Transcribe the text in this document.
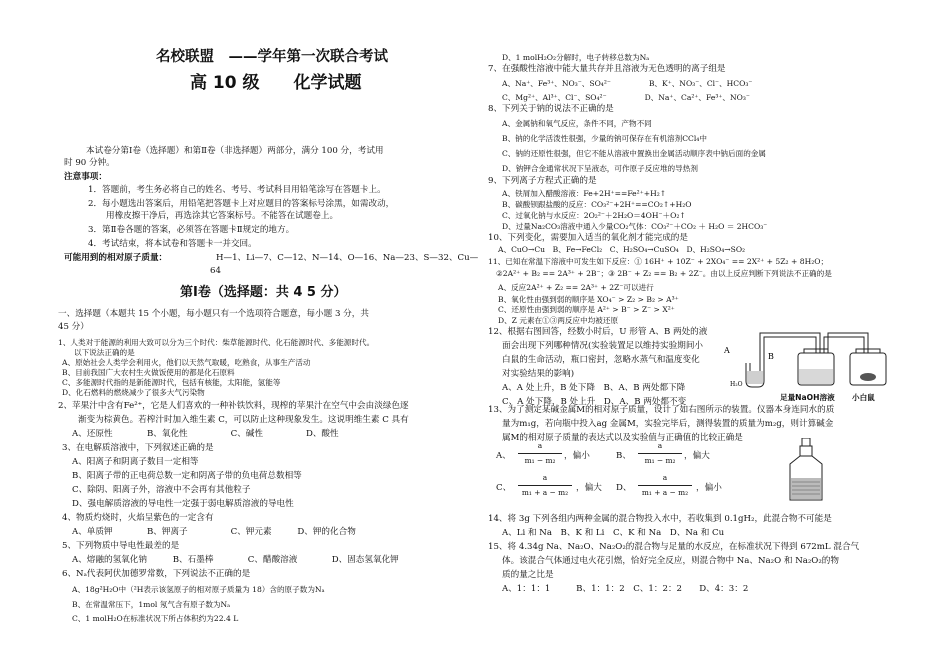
名校联盟　——学年第一次联合考试
高 10 级　　化学试题
本试卷分第Ⅰ卷（选择题）和第Ⅱ卷（非选择题）两部分，满分 100 分，考试用
时 90 分钟。
注意事项：
1．答题前，考生务必将自己的姓名、考号、考试科目用铅笔涂写在答题卡上。
2．每小题选出答案后，用铅笔把答题卡上对应题目的答案标号涂黑，如需改动，
用橡皮擦干净后，再选涂其它答案标号。不能答在试题卷上。
3．第Ⅱ卷各题的答案，必须答在答题卡Ⅱ规定的地方。
4．考试结束，将本试卷和答题卡一并交回。
可能用到的相对原子质量：	H—1、Li—7、C—12、N—14、O—16、Na—23、S—32、Cu—
64
第Ⅰ卷（选择题：共 4 5 分）
一、选择题（本题共 15 个小题，每小题只有一个选项符合题意，每小题 3 分，共
45 分）
1、人类对于能源的利用大致可以分为三个时代：柴草能源时代、化石能源时代、多能源时代。
以下说法正确的是
A、原始社会人类学会利用火，他们以天然气取暖，吃熟食，从事生产活动
B、目前我国广大农村生火做饭使用的都是化石原料
C、多能源时代指的是新能源时代，包括有核能，太阳能，氢能等
D、化石燃料的燃烧减少了很多大气污染物
2、苹果汁中含有Fe²⁺，它是人们喜欢的一种补铁饮料，现榨的苹果汁在空气中会由淡绿色逐
渐变为棕黄色。若榨汁时加入维生素 C，可以防止这种现象发生。这说明维生素 C 具有
A、还原性　　　　B、氧化性　　　　　C、碱性　　　　　D、酸性
3、在电解质溶液中，下列叙述正确的是
A、阳离子和阴离子数目一定相等
B、阳离子带的正电荷总数一定和阴离子带的负电荷总数相等
C、除阴、阳离子外，溶液中不会再有其他粒子
D、强电解质溶液的导电性一定强于弱电解质溶液的导电性
4、物质灼烧时，火焰呈紫色的一定含有
A、单质钾　　　　B、钾离子　　　　　C、钾元素　　　D、钾的化合物
5、下列物质中导电性最差的是
A、熔融的氢氧化钠　　　B、石墨棒　　　　C、醋酸溶液　　　　D、固态氢氧化钾
6、Nₐ代表阿伏加德罗常数，下列说法不正确的是
A、18g²H₂O中（²H表示该氢原子的相对原子质量为 18）含的原子数为Nₐ
B、在常温常压下，1mol 氖气含有原子数为Nₐ
C、1 molH₂O在标准状况下所占体积约为22.4 L
D、1 molH₂O₂分解时，电子转移总数为Nₐ
7、在强酸性溶液中能大量共存并且溶液为无色透明的离子组是
A、Na⁺、Fe³⁺、NO₃⁻、SO₄²⁻　　　　　B、K⁺、NO₃⁻、Cl⁻、HCO₃⁻
C、Mg²⁺、Al³⁺、Cl⁻、SO₄²⁻　　　　　D、Na⁺、Ca²⁺、Fe³⁺、NO₃⁻
8、下列关于钠的说法不正确的是
A、金属钠和氧气反应，条件不同，产物不同
B、钠的化学活泼性很强，少量的钠可保存在有机溶剂CCl₄中
C、钠的还原性很强，但它不能从溶液中置换出金属活动顺序表中钠后面的金属
D、钠钾合金通常状况下呈液态，可作原子反应堆的导热剂
9、下列离子方程式正确的是
A、铁屑加入醋酸溶液：Fe+2H⁺==Fe²⁺+H₂↑
B、碳酸钡跟盐酸的反应：CO₃²⁻+2H⁺==CO₂↑+H₂O
C、过氧化钠与水反应：2O₂²⁻＋2H₂O＝4OH⁻＋O₂↑
D、过量Na₂CO₃溶液中通入少量CO₂气体：CO₃²⁻＋CO₂ ＋ H₂O ＝ 2HCO₃⁻
10、下列变化，需要加入适当的氧化剂才能完成的是
A、CuO→Cu　B、Fe→FeCl₂　C、H₂SO₄→CuSO₄　D、H₂SO₄→SO₂
11、已知在常温下溶液中可发生如下反应：① 16H⁺ + 10Z⁻ + 2XO₄⁻ == 2X²⁺ + 5Z₂ + 8H₂O；
②2A²⁺ + B₂ == 2A³⁺ + 2B⁻；③ 2B⁻ + Z₂ == B₂ + 2Z⁻。由以上反应判断下列说法不正确的是
A、反应2A²⁺ + Z₂ == 2A³⁺ + 2Z⁻可以进行
B、氧化性由强到弱的顺序是 XO₄⁻ > Z₂ > B₂ > A³⁺
C、还原性由强到弱的顺序是 A²⁺ > B⁻ > Z⁻ > X²⁺
D、Z 元素在①③两反应中均被还原
12、根据右图回答，经数小时后，U 形管 A、B 两处的液
面会出现下列哪种情况(实验装置足以维持实验期间小
白鼠的生命活动，瓶口密封，忽略水蒸气和温度变化
对实验结果的影响)
A、A 处上升，B 处下降　B、A、B 两处都下降
C、A 处下降，B 处上升　D、A、B 两处都不变
A
B
H₂O
足量NaOH溶液 小白鼠
13、为了测定某碱金属M的相对原子质量，设计了如右图所示的装置。仪器本身连同水的质
量为m₁g，若向瓶中投入ag 金属M，实验完毕后，测得装置的质量为m₂g，则计算碱金
属M的相对原子质量的表达式以及实验值与正确值的比较正确是
A、
a
m₁ − m₂ ，偏小	B、
a
m₁ − m₂ ，偏大
C、
a
m₁ + a − m₂ ，偏大 D、
a
m₁ + a − m₂ ，偏小
14、将 3g 下列各组内两种金属的混合物投入水中，若收集到 0.1gH₂，此混合物不可能是
A、Li 和 Na　B、K 和 Li　C、K 和 Na　D、Na 和 Cu
15、将 4.34g Na、Na₂O、Na₂O₂的混合物与足量的水反应，在标准状况下得到 672mL 混合气
体。该混合气体通过电火花引燃，恰好完全反应，则混合物中 Na、Na₂O 和 Na₂O₂的物
质的量之比是
A、1：1：1　　　B、1：1：2　C、1：2：2　　D、4：3：2
